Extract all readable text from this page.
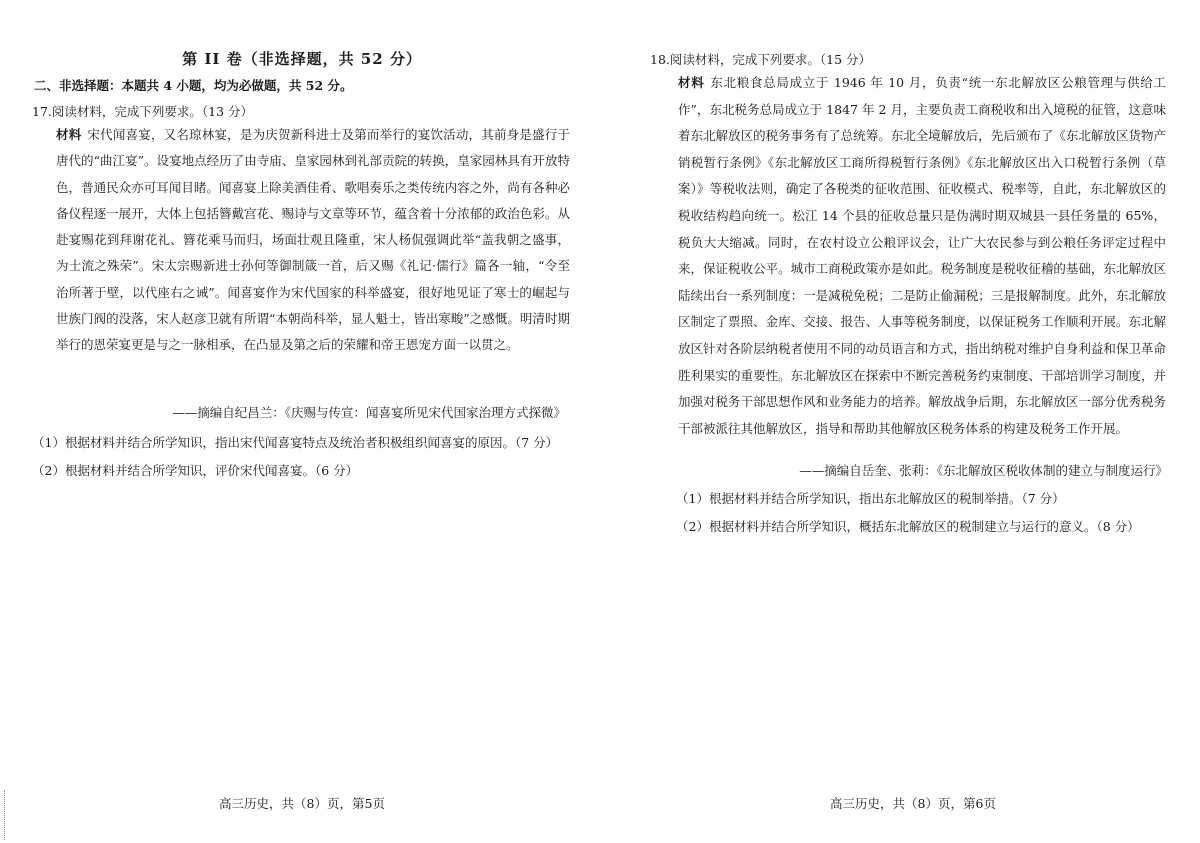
第 II 卷（非选择题，共 52 分）
二、非选择题：本题共 4 小题，均为必做题，共 52 分。
17.阅读材料，完成下列要求。（13 分）

材料 宋代闻喜宴，又名琼林宴，是为庆贺新科进士及第而举行的宴饮活动，其前身是盛行于唐代的“曲江宴”。设宴地点经历了由寺庙、皇家园林到礼部贡院的转换，皇家园林具有开放特色，普通民众亦可耳闻目睹。闻喜宴上除美酒佳肴、歌唱奏乐之类传统内容之外，尚有各种必备仪程逐一展开，大体上包括簪戴宫花、赐诗与文章等环节，蕴含着十分浓郁的政治色彩。从赴宴赐花到拜谢花礼、簪花乘马而归，场面壮观且隆重，宋人杨侃强调此举“盖我朝之盛事，为士流之殊荣”。宋太宗赐新进士孙何等御制箴一首，后又赐《礼记·儒行》篇各一轴，“令至治所著于壁，以代座右之诫”。闻喜宴作为宋代国家的科举盛宴，很好地见证了寒士的崛起与世族门阀的没落，宋人赵彦卫就有所谓“本朝尚科举，显人魁士，皆出寒畯”之感慨。明清时期举行的恩荣宴更是与之一脉相承，在凸显及第之后的荣耀和帝王恩宠方面一以贯之。

——摘编自纪昌兰：《庆赐与传宣：闻喜宴所见宋代国家治理方式探微》
（1）根据材料并结合所学知识，指出宋代闻喜宴特点及统治者积极组织闻喜宴的原因。（7 分）
（2）根据材料并结合所学知识，评价宋代闻喜宴。（6 分）
高三历史，共（8）页，第5页
18.阅读材料，完成下列要求。（15 分）

材料 东北粮食总局成立于 1946 年 10 月，负责“统一东北解放区公粮管理与供给工作”，东北税务总局成立于 1847 年 2 月，主要负责工商税收和出入境税的征管，这意味着东北解放区的税务事务有了总统筹。东北全境解放后，先后颁布了《东北解放区货物产销税暂行条例》《东北解放区工商所得税暂行条例》《东北解放区出入口税暂行条例（草案）》等税收法则，确定了各税类的征收范围、征收模式、税率等，自此，东北解放区的税收结构趋向统一。松江 14 个县的征收总量只是伪满时期双城县一县任务量的 65%，税负大大缩减。同时，在农村设立公粮评议会，让广大农民参与到公粮任务评定过程中来，保证税收公平。城市工商税政策亦是如此。税务制度是税收征稽的基础，东北解放区陆续出台一系列制度：一是减税免税；二是防止偷漏税；三是报解制度。此外，东北解放区制定了票照、金库、交接、报告、人事等税务制度，以保证税务工作顺利开展。东北解放区针对各阶层纳税者使用不同的动员语言和方式，指出纳税对维护自身利益和保卫革命胜利果实的重要性。东北解放区在探索中不断完善税务约束制度、干部培训学习制度，并加强对税务干部思想作风和业务能力的培养。解放战争后期，东北解放区一部分优秀税务干部被派往其他解放区，指导和帮助其他解放区税务体系的构建及税务工作开展。

——摘编自岳奎、张莉：《东北解放区税收体制的建立与制度运行》
（1）根据材料并结合所学知识，指出东北解放区的税制举措。（7 分）
（2）根据材料并结合所学知识，概括东北解放区的税制建立与运行的意义。（8 分）
高三历史，共（8）页，第6页
